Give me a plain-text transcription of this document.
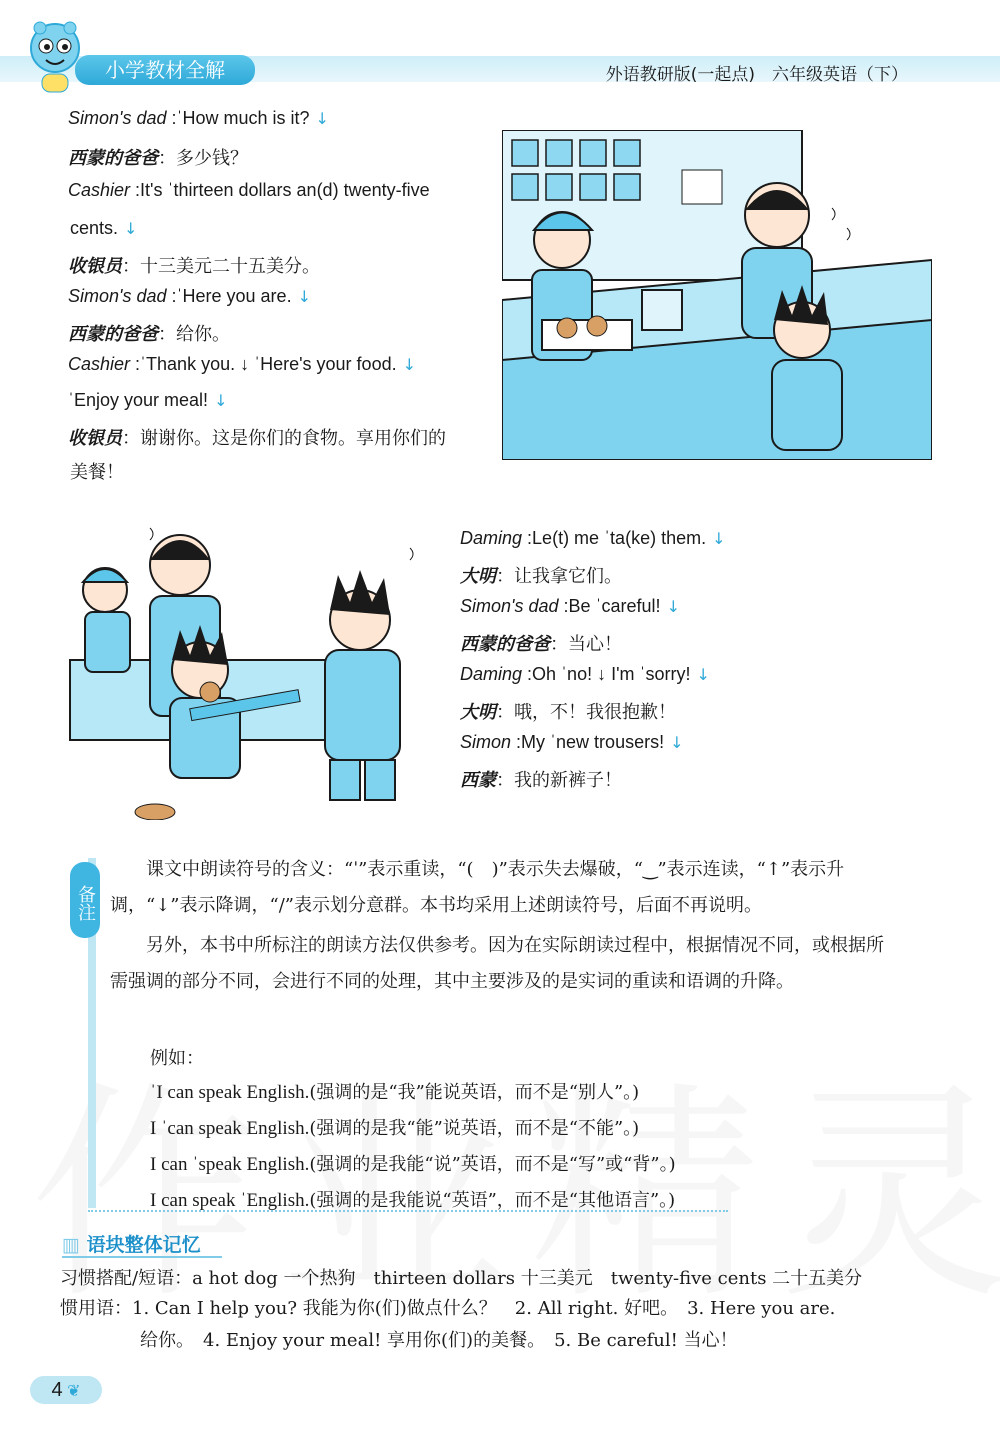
小学教材全解	外语教研版(一起点)　六年级英语（下）
Simon's dad :ˈHow much is it? ↓
西蒙的爸爸：多少钱？
Cashier :It's ˈthirteen dollars an(d) twenty-five
cents. ↓
收银员：十三美元二十五美分。
Simon's dad :ˈHere you are. ↓
西蒙的爸爸：给你。
Cashier :ˈThank you. ↓ ˈHere's your food. ↓
ˈEnjoy your meal! ↓
收银员：谢谢你。这是你们的食物。享用你们的
美餐！
Daming :Le(t) me ˈta(ke) them. ↓
大明：让我拿它们。
Simon's dad :Be ˈcareful! ↓
西蒙的爸爸：当心！
Daming :Oh ˈno! ↓ I'm ˈsorry! ↓
大明：哦，不！我很抱歉！
Simon :My ˈnew trousers! ↓
西蒙：我的新裤子！
备注
课文中朗读符号的含义：“ˈ”表示重读，“(　)”表示失去爆破，“‿”表示连读，“↑”表示升调，“↓”表示降调，“/”表示划分意群。本书均采用上述朗读符号，后面不再说明。
另外，本书中所标注的朗读方法仅供参考。因为在实际朗读过程中，根据情况不同，或根据所需强调的部分不同，会进行不同的处理，其中主要涉及的是实词的重读和语调的升降。
例如：
ˈI can speak English.(强调的是“我”能说英语，而不是“别人”。)
I ˈcan speak English.(强调的是我“能”说英语，而不是“不能”。)
I can ˈspeak English.(强调的是我能“说”英语，而不是“写”或“背”。)
I can speak ˈEnglish.(强调的是我能说“英语”，而不是“其他语言”。)
▥ 语块整体记忆
习惯搭配/短语：a hot dog 一个热狗　thirteen dollars 十三美元　twenty-five cents 二十五美分
惯用语：1. Can I help you? 我能为你(们)做点什么？　2. All right. 好吧。　3. Here you are.
给你。　4. Enjoy your meal! 享用你(们)的美餐。　5. Be careful! 当心！
4 ❦
